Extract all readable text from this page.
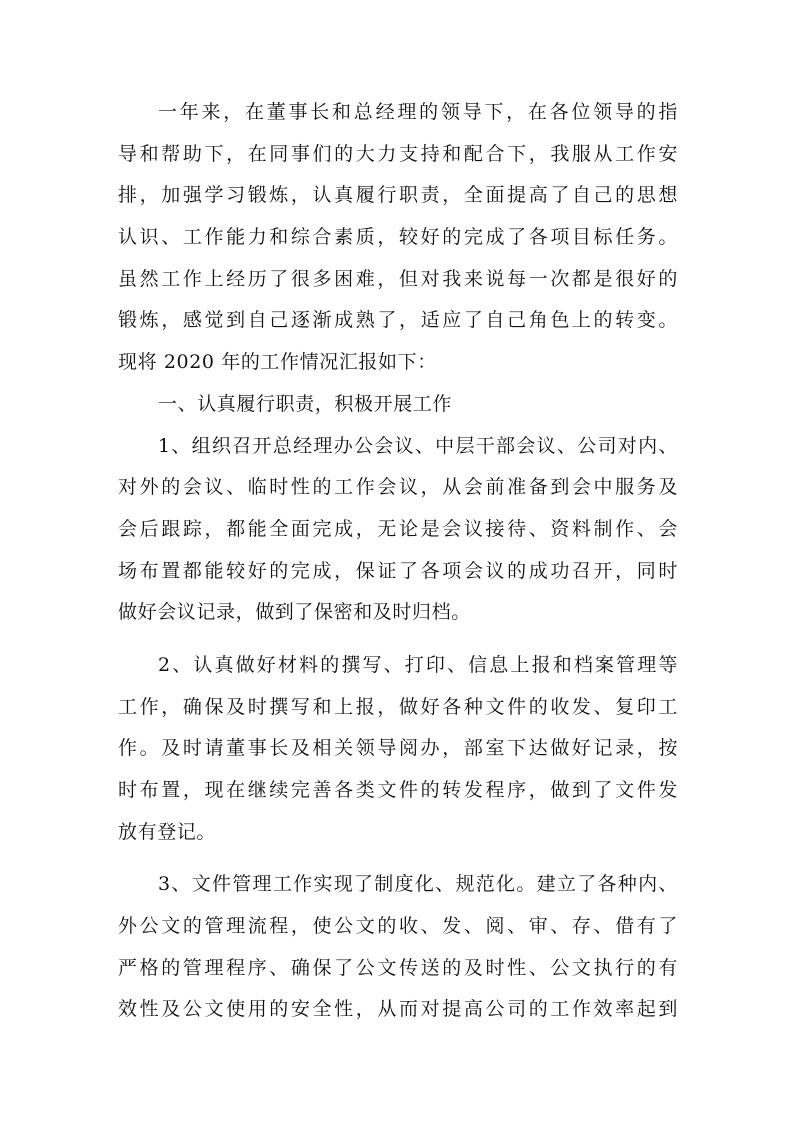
一年来，在董事长和总经理的领导下，在各位领导的指
导和帮助下，在同事们的大力支持和配合下，我服从工作安
排，加强学习锻炼，认真履行职责，全面提高了自己的思想
认识、工作能力和综合素质，较好的完成了各项目标任务。
虽然工作上经历了很多困难，但对我来说每一次都是很好的
锻炼，感觉到自己逐渐成熟了，适应了自己角色上的转变。
现将 2020 年的工作情况汇报如下：
一、认真履行职责，积极开展工作
1、组织召开总经理办公会议、中层干部会议、公司对内、
对外的会议、临时性的工作会议，从会前准备到会中服务及
会后跟踪，都能全面完成，无论是会议接待、资料制作、会
场布置都能较好的完成，保证了各项会议的成功召开，同时
做好会议记录，做到了保密和及时归档。
2、认真做好材料的撰写、打印、信息上报和档案管理等
工作，确保及时撰写和上报，做好各种文件的收发、复印工
作。及时请董事长及相关领导阅办，部室下达做好记录，按
时布置，现在继续完善各类文件的转发程序，做到了文件发
放有登记。
3、文件管理工作实现了制度化、规范化。建立了各种内、
外公文的管理流程，使公文的收、发、阅、审、存、借有了
严格的管理程序、确保了公文传送的及时性、公文执行的有
效性及公文使用的安全性，从而对提高公司的工作效率起到
